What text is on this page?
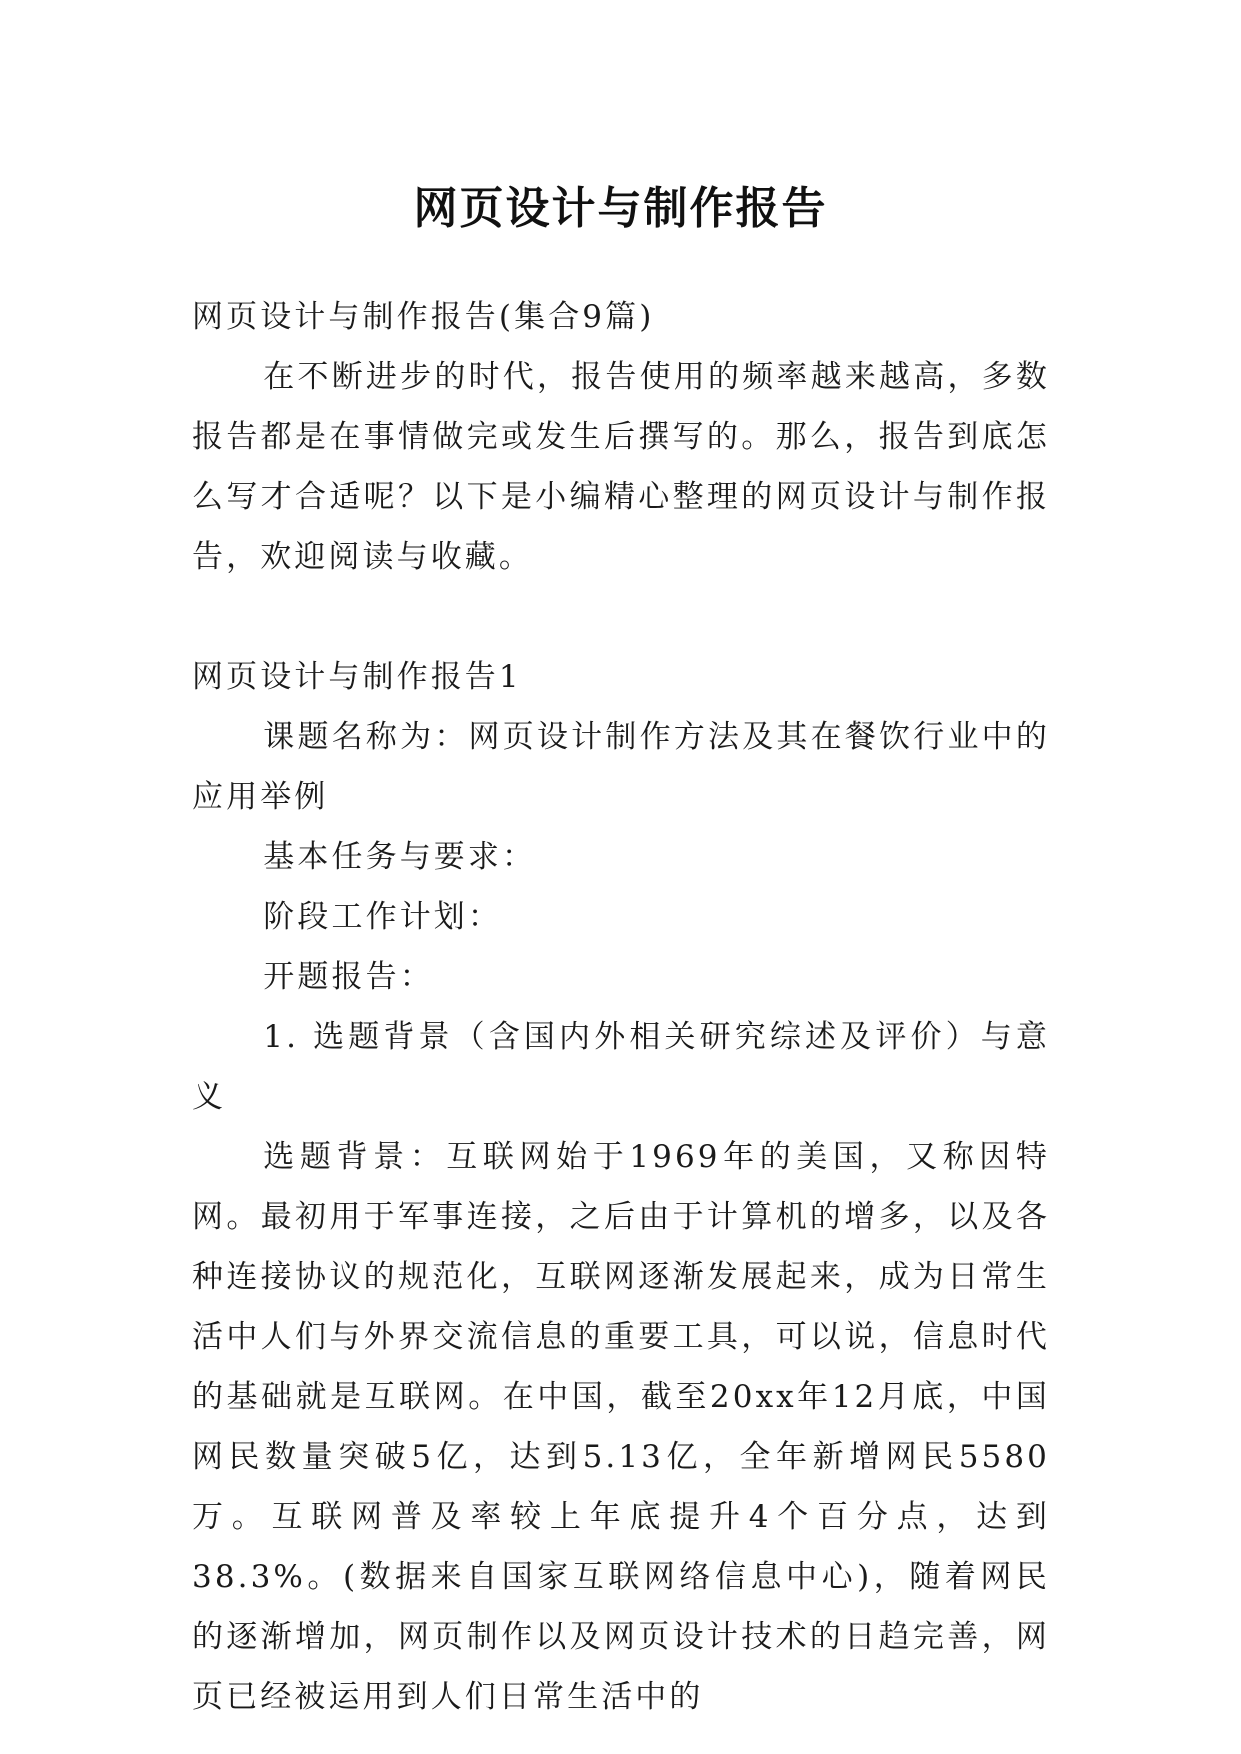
网页设计与制作报告

网页设计与制作报告(集合9篇)

在不断进步的时代，报告使用的频率越来越高，多数报告都是在事情做完或发生后撰写的。那么，报告到底怎么写才合适呢？以下是小编精心整理的网页设计与制作报告，欢迎阅读与收藏。

网页设计与制作报告1

课题名称为：网页设计制作方法及其在餐饮行业中的应用举例

基本任务与要求：

阶段工作计划：

开题报告：

1. 选题背景（含国内外相关研究综述及评价）与意义

选题背景：互联网始于1969年的美国，又称因特网。最初用于军事连接，之后由于计算机的增多，以及各种连接协议的规范化，互联网逐渐发展起来，成为日常生活中人们与外界交流信息的重要工具，可以说，信息时代的基础就是互联网。在中国，截至20xx年12月底，中国网民数量突破5亿，达到5.13亿，全年新增网民5580万。互联网普及率较上年底提升4个百分点，达到38.3%。(数据来自国家互联网络信息中心)，随着网民的逐渐增加，网页制作以及网页设计技术的日趋完善，网页已经被运用到人们日常生活中的
